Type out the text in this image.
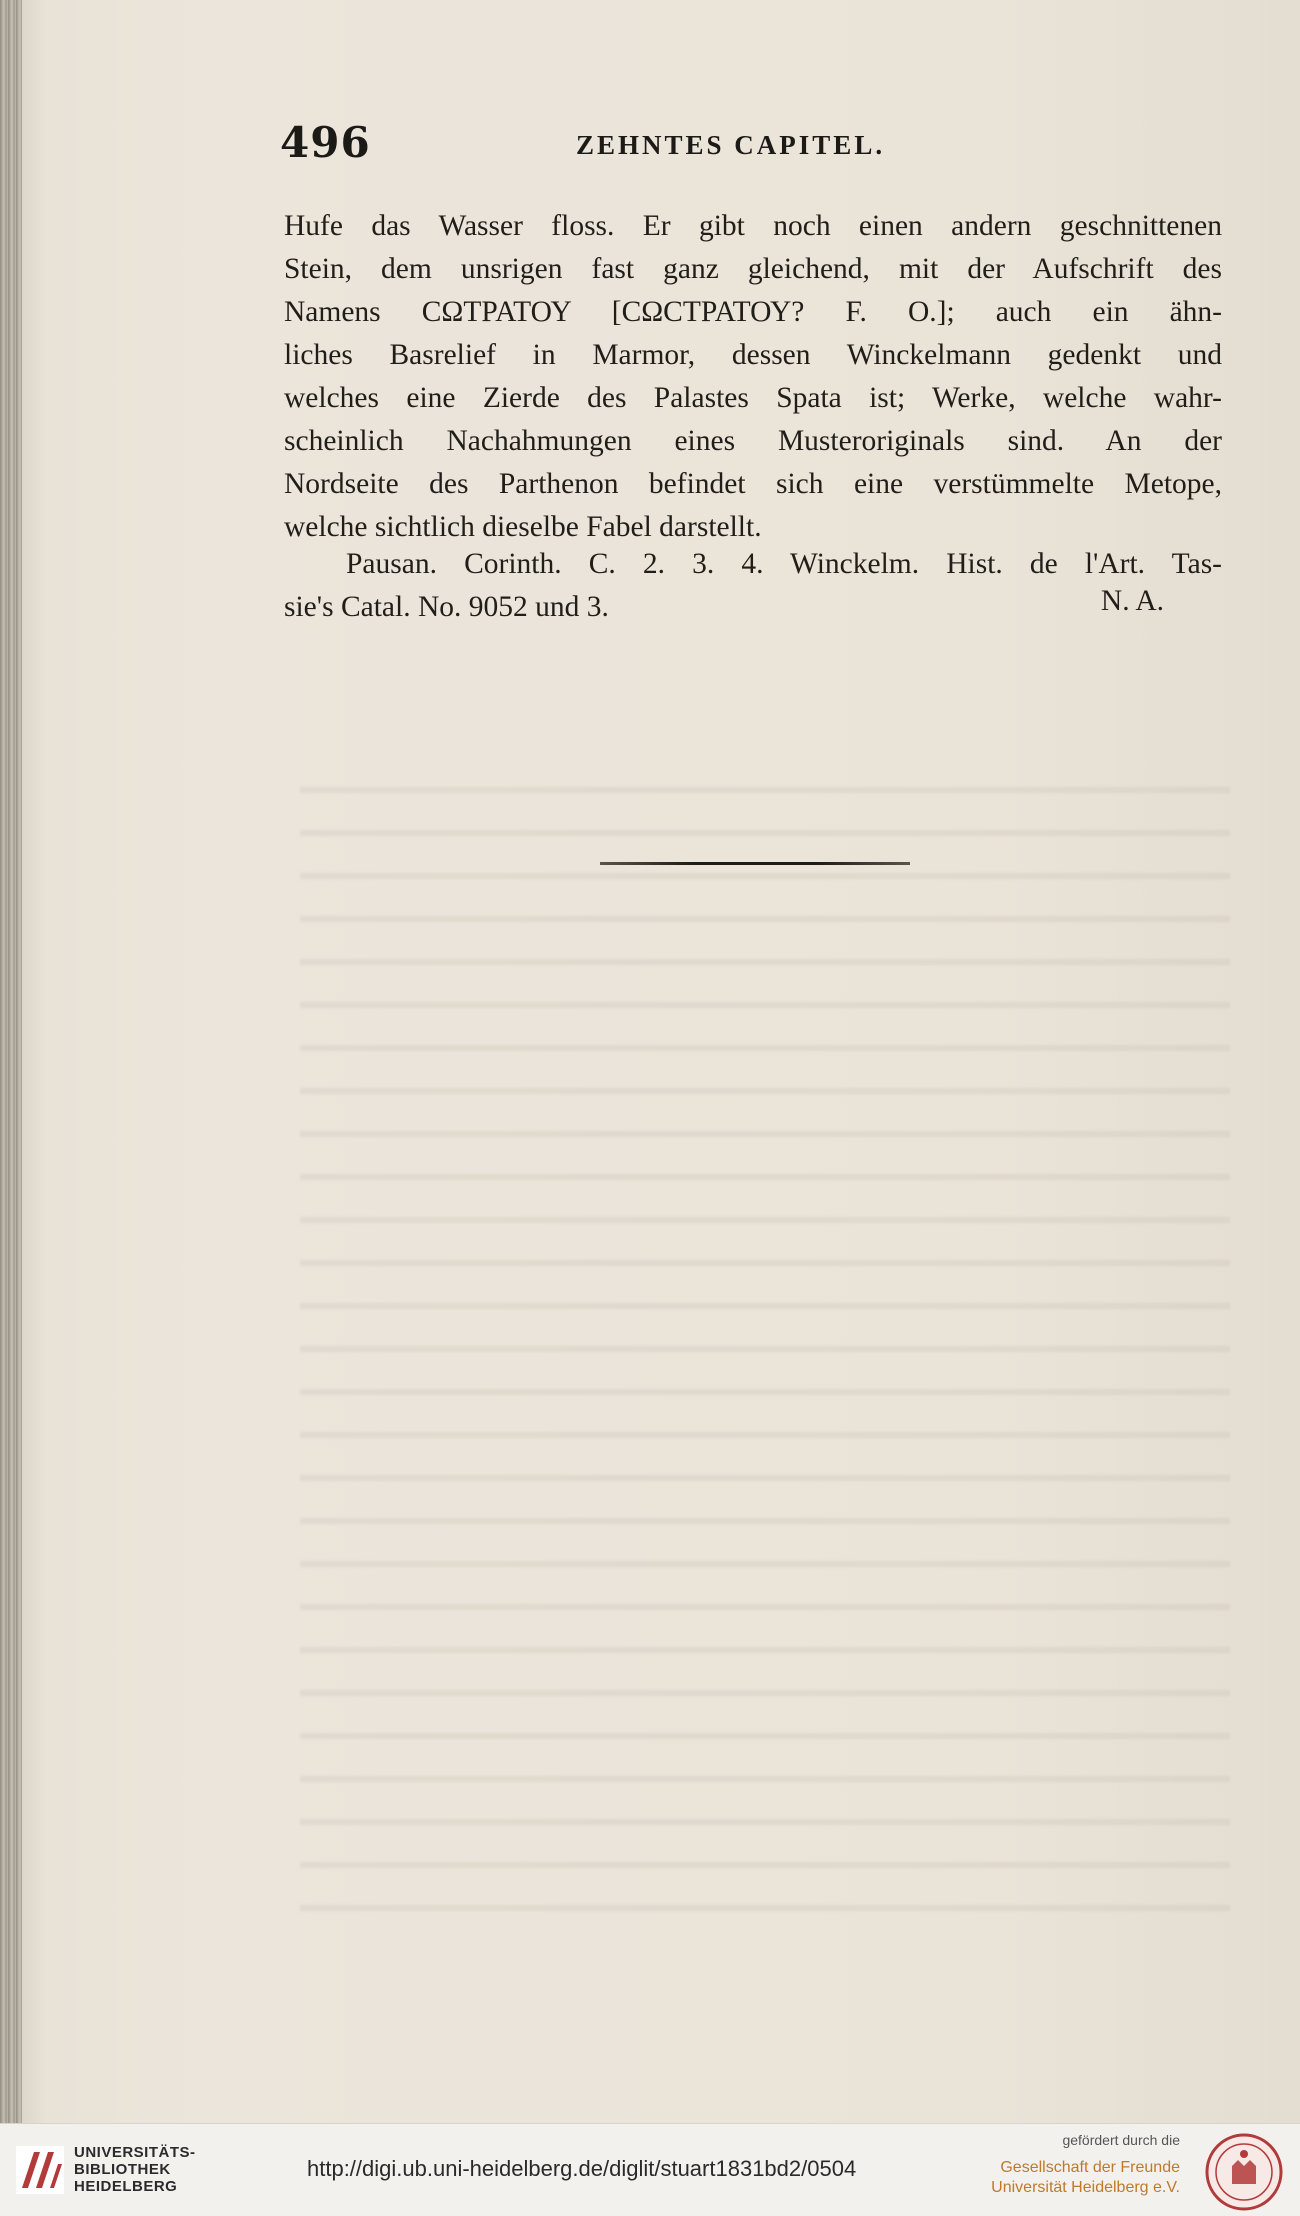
496	ZEHNTES CAPITEL.
Hufe das Wasser floss. Er gibt noch einen andern geschnittenen
Stein, dem unsrigen fast ganz gleichend, mit der Aufschrift des
Namens CΩΤΡΑΤΟΥ [CΩCΤΡΑΤΟΥ? F. O.]; auch ein ähn-
liches Basrelief in Marmor, dessen Winckelmann gedenkt und
welches eine Zierde des Palastes Spata ist; Werke, welche wahr-
scheinlich Nachahmungen eines Musteroriginals sind. An der
Nordseite des Parthenon befindet sich eine verstümmelte Metope,
welche sichtlich dieselbe Fabel darstellt.
Pausan. Corinth. C. 2. 3. 4. Winckelm. Hist. de l'Art. Tas-
sie's Catal. No. 9052 und 3.	N. A.
UNIVERSITÄTS-
BIBLIOTHEK
HEIDELBERG
http://digi.ub.uni-heidelberg.de/diglit/stuart1831bd2/0504
gefördert durch die
Gesellschaft der Freunde
Universität Heidelberg e.V.
